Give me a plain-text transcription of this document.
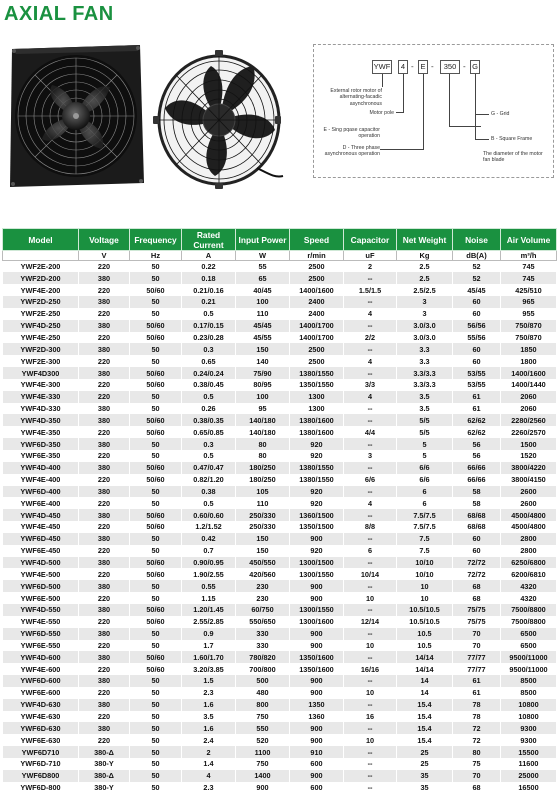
AXIAL FAN
YWF	4 - E -	350 - G
External rotor motor of alternating-facadic asynchronous
Motor pole
E - Sing pqase capacitor operation
D - Three phase asynchronous operation
G - Grid
B - Square Frame
The diameter of the motor fan blade
Model	Voltage	Frequency	Rated Current	Input Power	Speed	Capacitor	Net Weight	Noise	Air Volume
	V	Hz	A	W	r/min	uF	Kg	dB(A)	m³/h
YWF2E-200	220	50	0.22	55	2500	2	2.5	52	745
YWF2D-200	380	50	0.18	65	2500	--	2.5	52	745
YWF4E-200	220	50/60	0.21/0.16	40/45	1400/1600	1.5/1.5	2.5/2.5	45/45	425/510
YWF2D-250	380	50	0.21	100	2400	--	3	60	965
YWF2E-250	220	50	0.5	110	2400	4	3	60	955
YWF4D-250	380	50/60	0.17/0.15	45/45	1400/1700	--	3.0/3.0	56/56	750/870
YWF4E-250	220	50/60	0.23/0.28	45/55	1400/1700	2/2	3.0/3.0	55/56	750/870
YWF2D-300	380	50	0.3	150	2500	--	3.3	60	1850
YWF2E-300	220	50	0.65	140	2500	4	3.3	60	1800
YWF4D300	380	50/60	0.24/0.24	75/90	1380/1550	--	3.3/3.3	53/55	1400/1600
YWF4E-300	220	50/60	0.38/0.45	80/95	1350/1550	3/3	3.3/3.3	53/55	1400/1440
YWF4E-330	220	50	0.5	100	1300	4	3.5	61	2060
YWF4D-330	380	50	0.26	95	1300	--	3.5	61	2060
YWF4D-350	380	50/60	0.38/0.35	140/180	1380/1600	--	5/5	62/62	2280/2560
YWF4E-350	220	50/60	0.65/0.85	140/180	1380/1600	4/4	5/5	62/62	2260/2570
YWF6D-350	380	50	0.3	80	920	--	5	56	1500
YWF6E-350	220	50	0.5	80	920	3	5	56	1520
YWF4D-400	380	50/60	0.47/0.47	180/250	1380/1550	--	6/6	66/66	3800/4220
YWF4E-400	220	50/60	0.82/1.20	180/250	1380/1550	6/6	6/6	66/66	3800/4150
YWF6D-400	380	50	0.38	105	920	--	6	58	2600
YWF6E-400	220	50	0.5	110	920	4	6	58	2600
YWF4D-450	380	50/60	0.60/0.60	250/330	1360/1500	--	7.5/7.5	68/68	4500/4800
YWF4E-450	220	50/60	1.2/1.52	250/330	1350/1500	8/8	7.5/7.5	68/68	4500/4800
YWF6D-450	380	50	0.42	150	900	--	7.5	60	2800
YWF6E-450	220	50	0.7	150	920	6	7.5	60	2800
YWF4D-500	380	50/60	0.90/0.95	450/550	1300/1500	--	10/10	72/72	6250/6800
YWF4E-500	220	50/60	1.90/2.55	420/560	1300/1550	10/14	10/10	72/72	6200/6810
YWF6D-500	380	50	0.55	230	900	--	10	68	4320
YWF6E-500	220	50	1.15	230	900	10	10	68	4320
YWF4D-550	380	50/60	1.20/1.45	60/750	1300/1550	--	10.5/10.5	75/75	7500/8800
YWF4E-550	220	50/60	2.55/2.85	550/650	1300/1600	12/14	10.5/10.5	75/75	7500/8800
YWF6D-550	380	50	0.9	330	900	--	10.5	70	6500
YWF6E-550	220	50	1.7	330	900	10	10.5	70	6500
YWF4D-600	380	50/60	1.60/1.70	780/820	1350/1600	--	14/14	77/77	9500/11000
YWF4E-600	220	50/60	3.20/3.85	700/800	1350/1600	16/16	14/14	77/77	9500/11000
YWF6D-600	380	50	1.5	500	900	--	14	61	8500
YWF6E-600	220	50	2.3	480	900	10	14	61	8500
YWF4D-630	380	50	1.6	800	1350	--	15.4	78	10800
YWF4E-630	220	50	3.5	750	1360	16	15.4	78	10800
YWF6D-630	380	50	1.6	550	900	--	15.4	72	9300
YWF6E-630	220	50	2.4	520	900	10	15.4	72	9300
YWF6D710	380-Δ	50	2	1100	910	--	25	80	15500
YWF6D-710	380-Y	50	1.4	750	600	--	25	75	11600
YWF6D800	380-Δ	50	4	1400	900	--	35	70	25000
YWF6D-800	380-Y	50	2.3	900	600	--	35	68	16500
